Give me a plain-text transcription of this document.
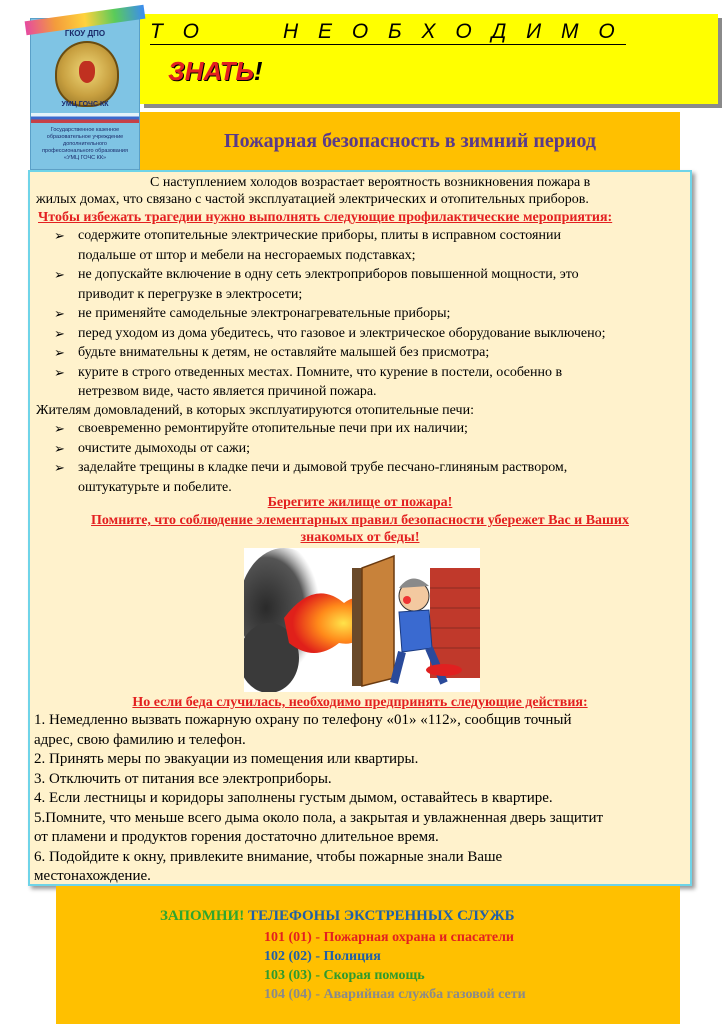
ГКОУ ДПО
УМЦ ГОЧС КК
Государственное казенное образовательное учреждение дополнительного профессионального образования «УМЦ ГОЧС КК»
Т О      Н Е О Б Х О Д И М О
ЗНАТЬ!
Пожарная безопасность в зимний период
С наступлением холодов возрастает вероятность возникновения пожара в
жилых домах, что связано с частой эксплуатацией электрических и отопительных приборов.
Чтобы избежать трагедии нужно выполнять следующие профилактические мероприятия:
➢ содержите отопительные электрические приборы, плиты в исправном состоянии
подальше от штор и мебели на несгораемых подставках;
➢ не допускайте включение в одну сеть электроприборов повышенной мощности, это
приводит к перегрузке в электросети;
➢ не применяйте самодельные электронагревательные приборы;
➢ перед уходом из дома убедитесь, что газовое и электрическое оборудование выключено;
➢ будьте внимательны к детям, не оставляйте малышей без присмотра;
➢ курите в строго отведенных местах. Помните, что курение в постели, особенно в
нетрезвом виде, часто является причиной пожара.
Жителям домовладений, в которых эксплуатируются отопительные печи:
➢ своевременно ремонтируйте отопительные печи при их наличии;
➢ очистите дымоходы от сажи;
➢ заделайте трещины в кладке печи и дымовой трубе песчано-глиняным раствором,
оштукатурьте и побелите.
Берегите жилище от пожара!
Помните, что соблюдение элементарных правил безопасности убережет Вас и Ваших
знакомых от беды!
Но если беда случилась, необходимо предпринять следующие действия:
1. Немедленно вызвать пожарную охрану по телефону «01» «112», сообщив точный
адрес, свою фамилию и телефон.
2. Принять меры по эвакуации из помещения или квартиры.
3. Отключить от питания все электроприборы.
4. Если лестницы и коридоры заполнены густым дымом, оставайтесь в квартире.
5.Помните, что меньше всего дыма около пола, а закрытая и увлажненная дверь защитит
от пламени и продуктов горения достаточно длительное время.
6. Подойдите к окну, привлеките внимание, чтобы пожарные знали Ваше
местонахождение.
ЗАПОМНИ! ТЕЛЕФОНЫ ЭКСТРЕННЫХ СЛУЖБ
101 (01) - Пожарная охрана и спасатели
102 (02) - Полиция
103 (03) - Скорая помощь
104 (04) - Аварийная служба газовой сети
